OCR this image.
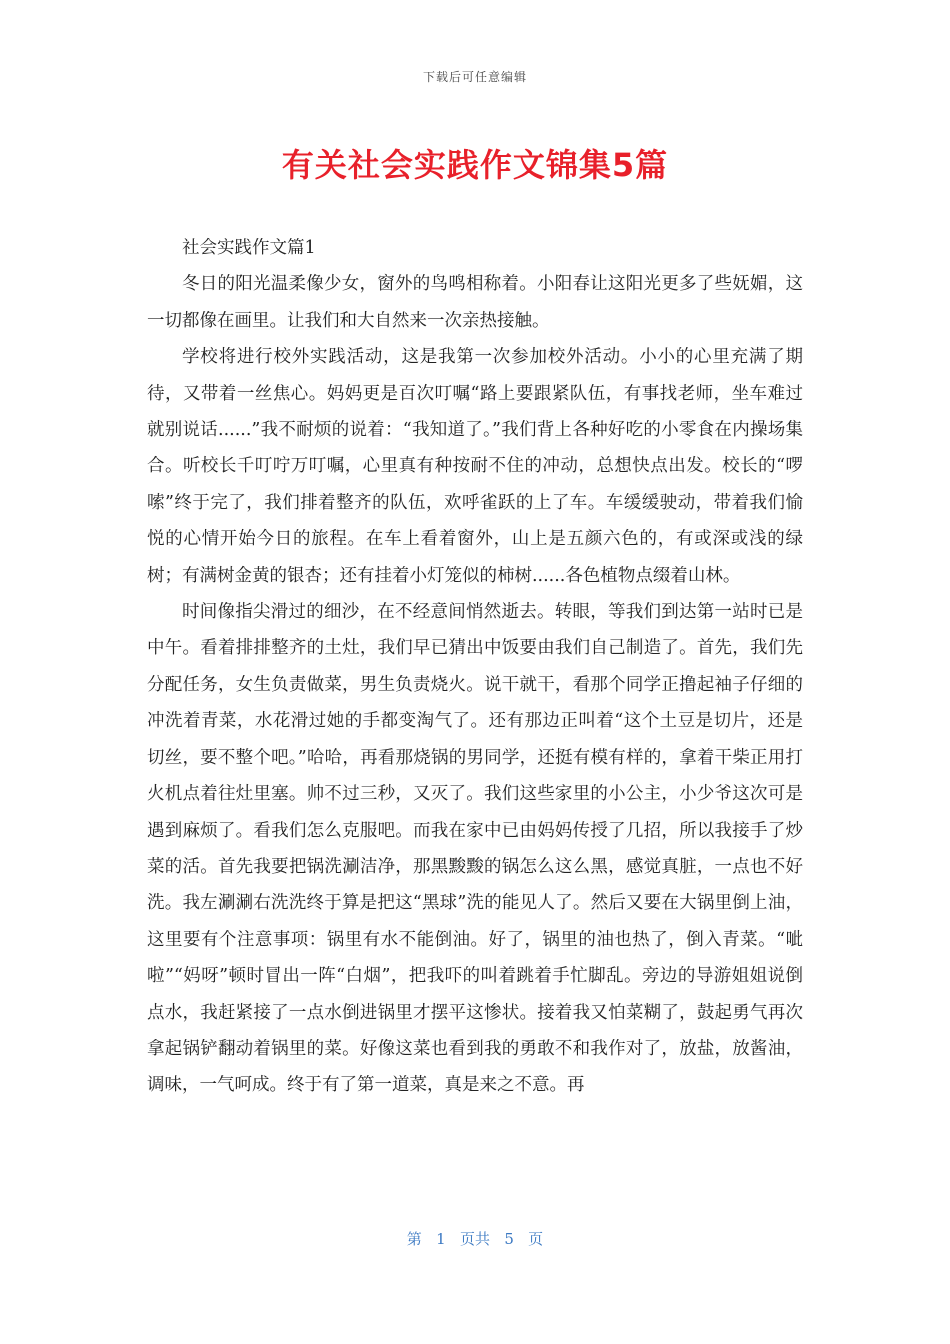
下载后可任意编辑
有关社会实践作文锦集5篇

社会实践作文篇1

冬日的阳光温柔像少女，窗外的鸟鸣相称着。小阳春让这阳光更多了些妩媚，这一切都像在画里。让我们和大自然来一次亲热接触。

学校将进行校外实践活动，这是我第一次参加校外活动。小小的心里充满了期待，又带着一丝焦心。妈妈更是百次叮嘱“路上要跟紧队伍，有事找老师，坐车难过就别说话......”我不耐烦的说着：“我知道了。”我们背上各种好吃的小零食在内操场集合。听校长千叮咛万叮嘱，心里真有种按耐不住的冲动，总想快点出发。校长的“啰嗦”终于完了，我们排着整齐的队伍，欢呼雀跃的上了车。车缓缓驶动，带着我们愉悦的心情开始今日的旅程。在车上看着窗外，山上是五颜六色的，有或深或浅的绿树；有满树金黄的银杏；还有挂着小灯笼似的柿树......各色植物点缀着山林。

时间像指尖滑过的细沙，在不经意间悄然逝去。转眼，等我们到达第一站时已是中午。看着排排整齐的土灶，我们早已猜出中饭要由我们自己制造了。首先，我们先分配任务，女生负责做菜，男生负责烧火。说干就干，看那个同学正撸起袖子仔细的冲洗着青菜，水花滑过她的手都变淘气了。还有那边正叫着“这个土豆是切片，还是切丝，要不整个吧。”哈哈，再看那烧锅的男同学，还挺有模有样的，拿着干柴正用打火机点着往灶里塞。帅不过三秒，又灭了。我们这些家里的小公主，小少爷这次可是遇到麻烦了。看我们怎么克服吧。而我在家中已由妈妈传授了几招，所以我接手了炒菜的活。首先我要把锅洗涮洁净，那黑黢黢的锅怎么这么黑，感觉真脏，一点也不好洗。我左涮涮右洗洗终于算是把这“黑球”洗的能见人了。然后又要在大锅里倒上油，这里要有个注意事项：锅里有水不能倒油。好了，锅里的油也热了，倒入青菜。“呲啦”“妈呀”顿时冒出一阵“白烟”，把我吓的叫着跳着手忙脚乱。旁边的导游姐姐说倒点水，我赶紧接了一点水倒进锅里才摆平这惨状。接着我又怕菜糊了，鼓起勇气再次拿起锅铲翻动着锅里的菜。好像这菜也看到我的勇敢不和我作对了，放盐，放酱油，调味，一气呵成。终于有了第一道菜，真是来之不意。再

第 1 页共 5 页
